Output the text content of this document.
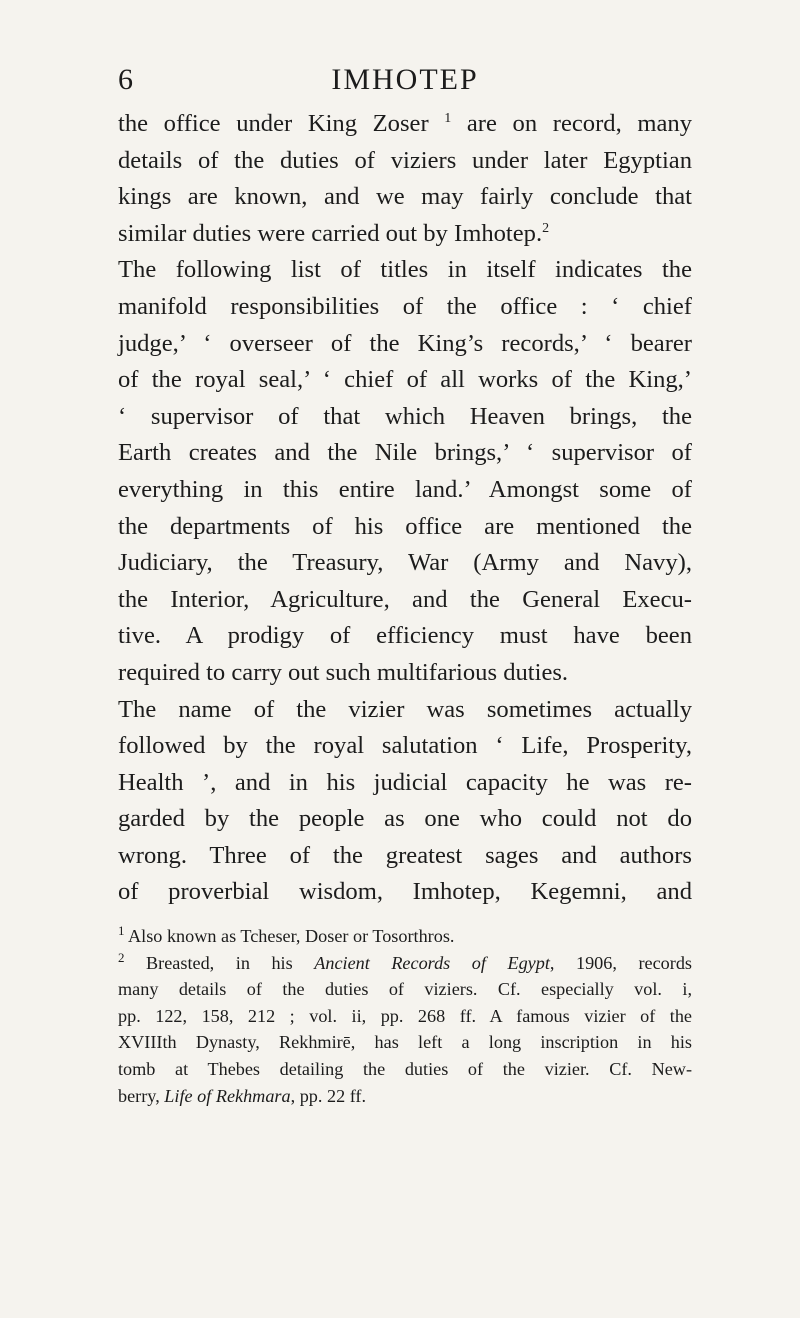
6	IMHOTEP

the office under King Zoser $^1$ are on record, many

details of the duties of viziers under later Egyptian

kings are known, and we may fairly conclude that

similar duties were carried out by Imhotep.$^2$

The following list of titles in itself indicates the

manifold responsibilities of the office : ‘ chief

judge,’ ‘ overseer of the King’s records,’ ‘ bearer

of the royal seal,’ ‘ chief of all works of the King,’

‘ supervisor of that which Heaven brings, the

Earth creates and the Nile brings,’ ‘ supervisor of

everything in this entire land.’ Amongst some of

the departments of his office are mentioned the

Judiciary, the Treasury, War (Army and Navy),

the Interior, Agriculture, and the General Execu-

tive. A prodigy of efficiency must have been

required to carry out such multifarious duties.

The name of the vizier was sometimes actually

followed by the royal salutation ‘ Life, Prosperity,

Health ’, and in his judicial capacity he was re-

garded by the people as one who could not do

wrong. Three of the greatest sages and authors

of proverbial wisdom, Imhotep, Kegemni, and

$^1$ Also known as Tcheser, Doser or Tosorthros.

$^2$ Breasted, in his Ancient Records of Egypt, 1906, records

many details of the duties of viziers. Cf. especially vol. i,

pp. 122, 158, 212 ; vol. ii, pp. 268 ff. A famous vizier of the

XVIIIth Dynasty, Rekhmirē, has left a long inscription in his

tomb at Thebes detailing the duties of the vizier. Cf. New-

berry, Life of Rekhmara, pp. 22 ff.
